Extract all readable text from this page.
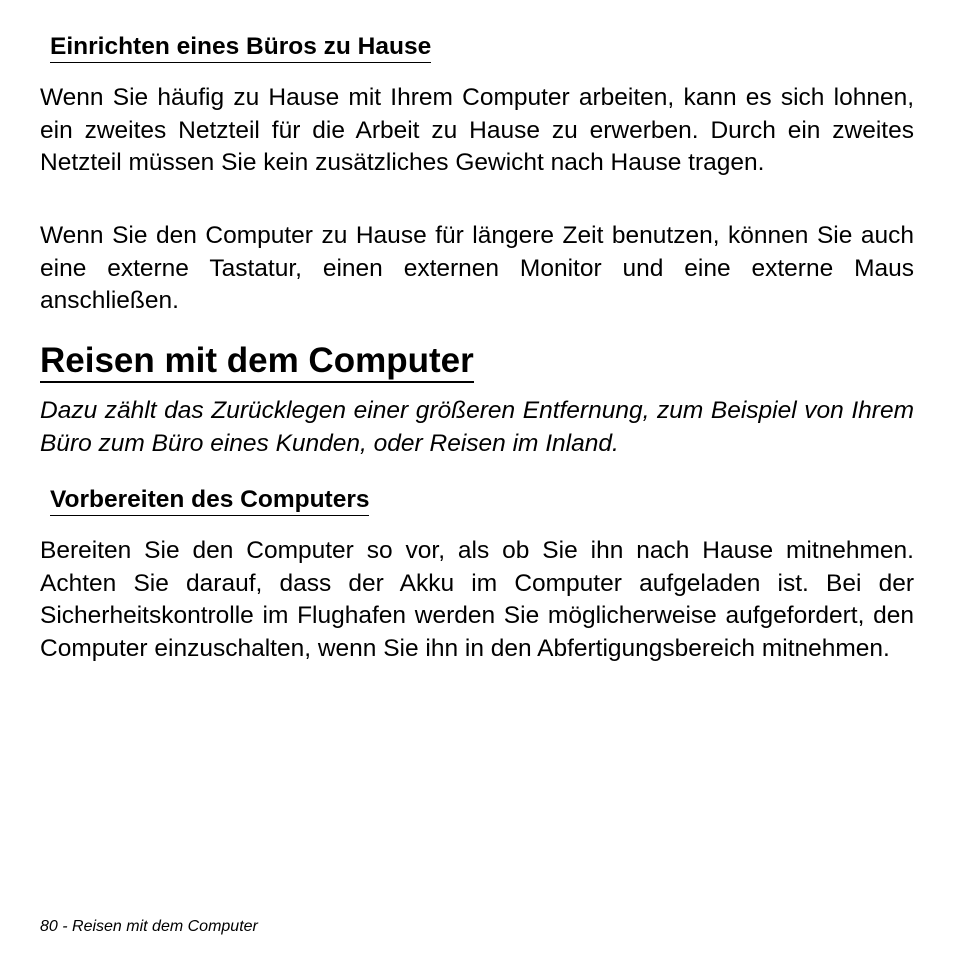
Einrichten eines Büros zu Hause

Wenn Sie häufig zu Hause mit Ihrem Computer arbeiten, kann es sich lohnen, ein zweites Netzteil für die Arbeit zu Hause zu erwerben. Durch ein zweites Netzteil müssen Sie kein zusätzliches Gewicht nach Hause tragen.

Wenn Sie den Computer zu Hause für längere Zeit benutzen, können Sie auch eine externe Tastatur, einen externen Monitor und eine externe Maus anschließen.

Reisen mit dem Computer

Dazu zählt das Zurücklegen einer größeren Entfernung, zum Beispiel von Ihrem Büro zum Büro eines Kunden, oder Reisen im Inland.

Vorbereiten des Computers

Bereiten Sie den Computer so vor, als ob Sie ihn nach Hause mitnehmen. Achten Sie darauf, dass der Akku im Computer aufgeladen ist. Bei der Sicherheitskontrolle im Flughafen werden Sie möglicherweise aufgefordert, den Computer einzuschalten, wenn Sie ihn in den Abfertigungsbereich mitnehmen.

80 - Reisen mit dem Computer
